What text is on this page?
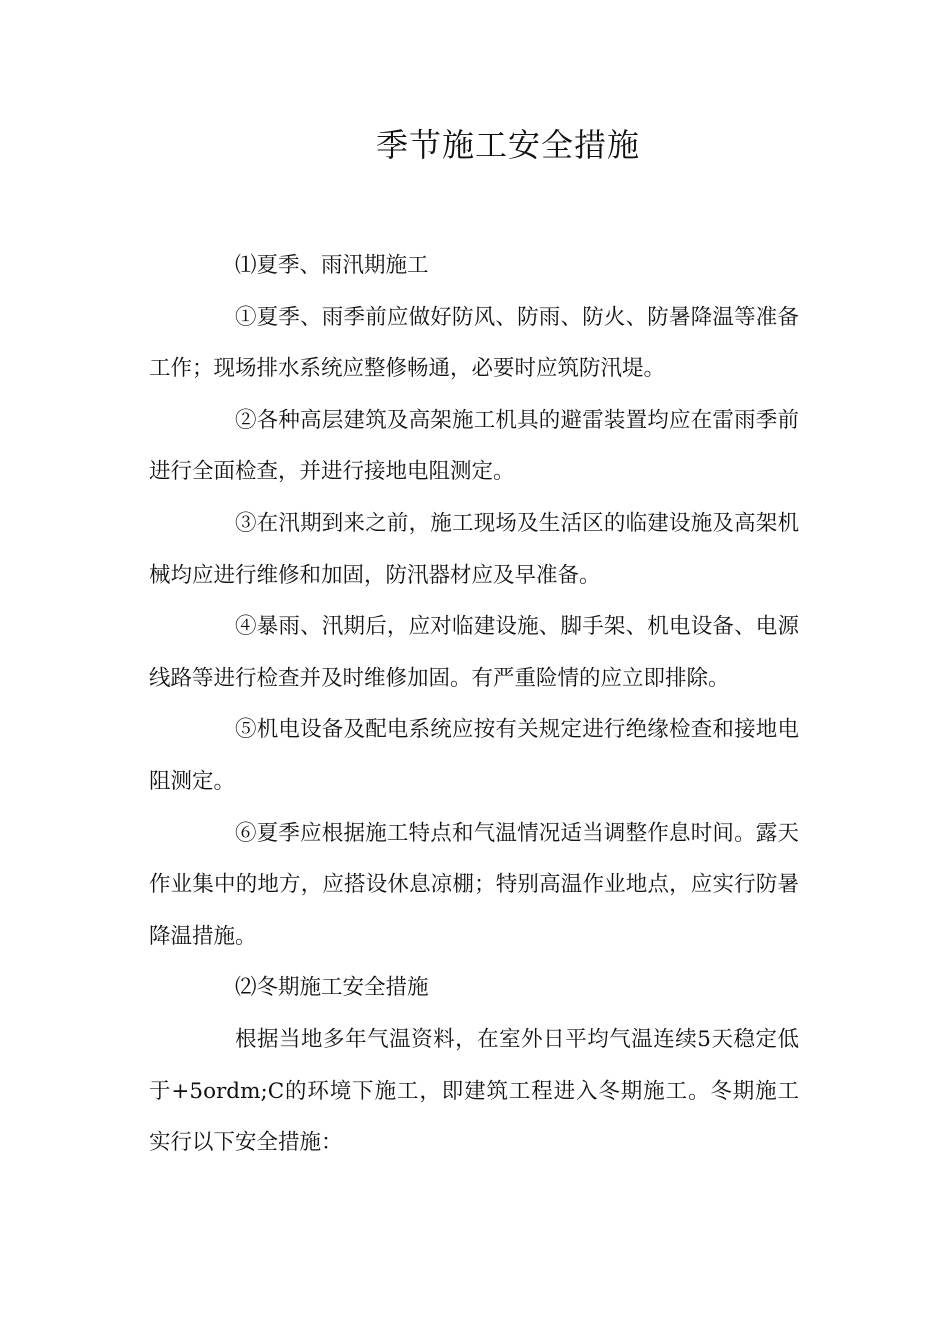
季节施工安全措施

⑴夏季、雨汛期施工

①夏季、雨季前应做好防风、防雨、防火、防暑降温等准备工作；现场排水系统应整修畅通，必要时应筑防汛堤。

②各种高层建筑及高架施工机具的避雷装置均应在雷雨季前进行全面检查，并进行接地电阻测定。

③在汛期到来之前，施工现场及生活区的临建设施及高架机械均应进行维修和加固，防汛器材应及早准备。

④暴雨、汛期后，应对临建设施、脚手架、机电设备、电源线路等进行检查并及时维修加固。有严重险情的应立即排除。

⑤机电设备及配电系统应按有关规定进行绝缘检查和接地电阻测定。

⑥夏季应根据施工特点和气温情况适当调整作息时间。露天作业集中的地方，应搭设休息凉棚；特别高温作业地点，应实行防暑降温措施。

⑵冬期施工安全措施

根据当地多年气温资料，在室外日平均气温连续5天稳定低于+5ordm;C的环境下施工，即建筑工程进入冬期施工。冬期施工实行以下安全措施：
